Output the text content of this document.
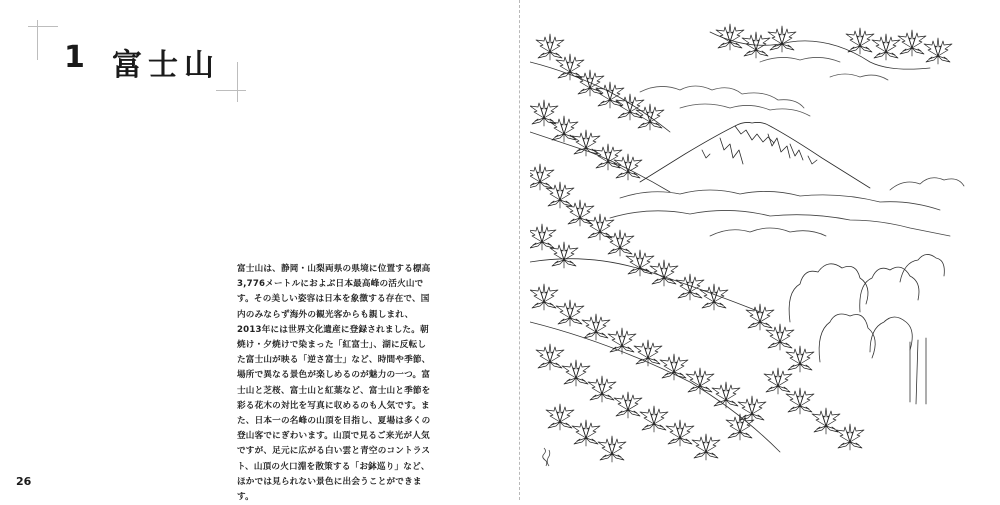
1 富士山

富士山は、静岡・山梨両県の県境に位置する標高3,776メートルにおよぶ日本最高峰の活火山です。その美しい姿容は日本を象徴する存在で、国内のみならず海外の観光客からも親しまれ、2013年には世界文化遺産に登録されました。朝焼け・夕焼けで染まった「紅富士」、湖に反転した富士山が映る「逆さ富士」など、時間や季節、場所で異なる景色が楽しめるのが魅力の一つ。富士山と芝桜、富士山と紅葉など、富士山と季節を彩る花木の対比を写真に収めるのも人気です。また、日本一の名峰の山頂を目指し、夏場は多くの登山客でにぎわいます。山頂で見るご来光が人気ですが、足元に広がる白い雲と青空のコントラスト、山頂の火口淵を散策する「お鉢巡り」など、ほかでは見られない景色に出会うことができます。

26
